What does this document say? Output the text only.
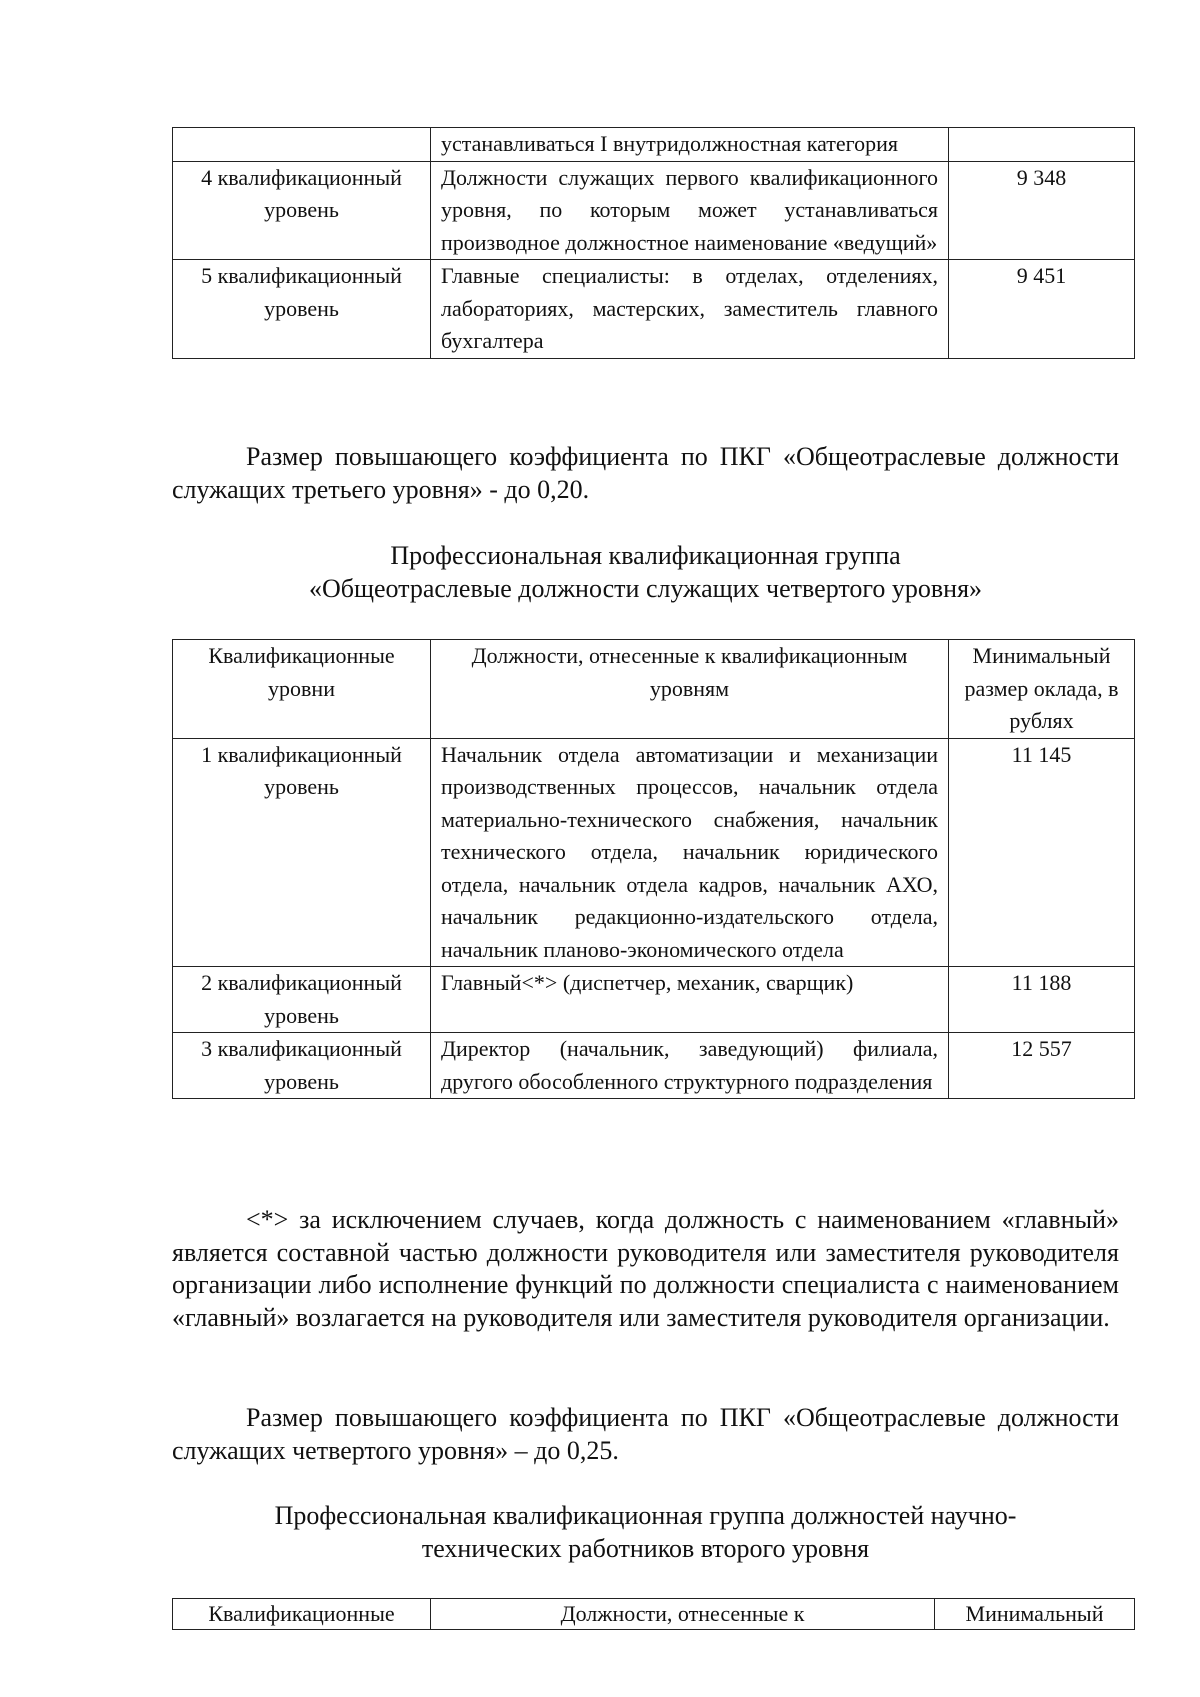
	устанавливаться I внутридолжностная категория	
4 квалификационный уровень	Должности служащих первого квалификационного уровня, по которым может устанавливаться производное должностное наименование «ведущий»	9 348
5 квалификационный уровень	Главные специалисты: в отделах, отделениях, лабораториях, мастерских, заместитель главного бухгалтера	9 451

Размер повышающего коэффициента по ПКГ «Общеотраслевые должности служащих третьего уровня» - до 0,20.

Профессиональная квалификационная группа

«Общеотраслевые должности служащих четвертого уровня»

Квалификационные уровни	Должности, отнесенные к квалификационным уровням	Минимальный размер оклада, в рублях
1 квалификационный уровень	Начальник отдела автоматизации и механизации производственных процессов, начальник отдела материально-технического снабжения, начальник технического отдела, начальник юридического отдела, начальник отдела кадров, начальник АХО, начальник редакционно-издательского отдела, начальник планово-экономического отдела	11 145
2 квалификационный уровень	Главный<*> (диспетчер, механик, сварщик)	11 188
3 квалификационный уровень	Директор (начальник, заведующий) филиала, другого обособленного структурного подразделения	12 557

<*> за исключением случаев, когда должность с наименованием «главный» является составной частью должности руководителя или заместителя руководителя организации либо исполнение функций по должности специалиста с наименованием «главный» возлагается на руководителя или заместителя руководителя организации.

Размер повышающего коэффициента по ПКГ «Общеотраслевые должности служащих четвертого уровня» – до 0,25.

Профессиональная квалификационная группа должностей научно-

технических работников второго уровня

Квалификационные	Должности, отнесенные к	Минимальный
